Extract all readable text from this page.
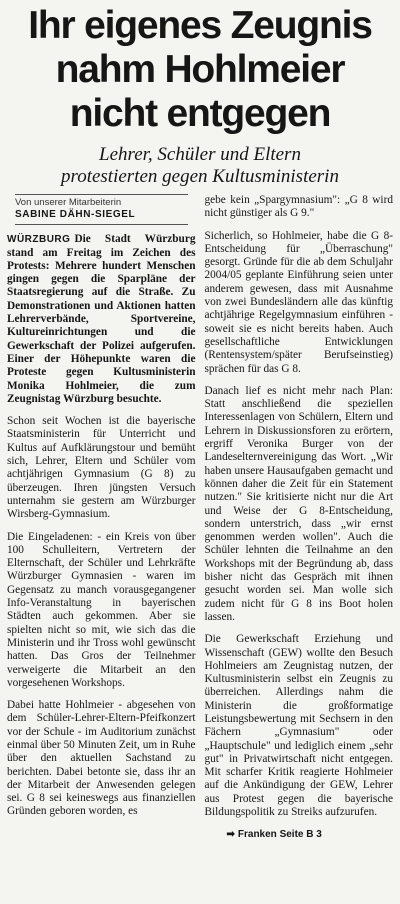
Ihr eigenes Zeugnis
nahm Hohlmeier
nicht entgegen
Lehrer, Schüler und Eltern
protestierten gegen Kultusministerin
Von unserer Mitarbeiterin
SABINE DÄHN-SIEGEL

WÜRZBURG Die Stadt Würzburg stand am Freitag im Zeichen des Protests: Mehrere hundert Menschen gingen gegen die Sparpläne der Staatsregierung auf die Straße. Zu Demonstrationen und Aktionen hatten Lehrerverbände, Sportvereine, Kultureinrichtungen und die Gewerkschaft der Polizei aufgerufen. Einer der Höhepunkte waren die Proteste gegen Kultusministerin Monika Hohlmeier, die zum Zeugnistag Würzburg besuchte.

Schon seit Wochen ist die bayerische Staatsministerin für Unterricht und Kultus auf Aufklärungstour und bemüht sich, Lehrer, Eltern und Schüler vom achtjährigen Gymnasium (G 8) zu überzeugen. Ihren jüngsten Versuch unternahm sie gestern am Würzburger Wirsberg-Gymnasium.

Die Eingeladenen: - ein Kreis von über 100 Schulleitern, Vertretern der Elternschaft, der Schüler und Lehrkräfte Würzburger Gymnasien - waren im Gegensatz zu manch vorausgegangener Info-Veranstaltung in bayerischen Städten auch gekommen. Aber sie spielten nicht so mit, wie sich das die Ministerin und ihr Tross wohl gewünscht hatten. Das Gros der Teilnehmer verweigerte die Mitarbeit an den vorgesehenen Workshops.

Dabei hatte Hohlmeier - abgesehen von dem Schüler-Lehrer-Eltern-Pfeifkonzert vor der Schule - im Auditorium zunächst einmal über 50 Minuten Zeit, um in Ruhe über den aktuellen Sachstand zu berichten. Dabei betonte sie, dass ihr an der Mitarbeit der Anwesenden gelegen sei. G 8 sei keineswegs aus finanziellen Gründen geboren worden, es

gebe kein „Spargymnasium": „G 8 wird nicht günstiger als G 9."

Sicherlich, so Hohlmeier, habe die G 8-Entscheidung für „Überraschung" gesorgt. Gründe für die ab dem Schuljahr 2004/05 geplante Einführung seien unter anderem gewesen, dass mit Ausnahme von zwei Bundesländern alle das künftig achtjährige Regelgymnasium einführen - soweit sie es nicht bereits haben. Auch gesellschaftliche Entwicklungen (Rentensystem/später Berufseinstieg) sprächen für das G 8.

Danach lief es nicht mehr nach Plan: Statt anschließend die speziellen Interessenlagen von Schülern, Eltern und Lehrern in Diskussionsforen zu erörtern, ergriff Veronika Burger von der Landeselternvereinigung das Wort. „Wir haben unsere Hausaufgaben gemacht und können daher die Zeit für ein Statement nutzen." Sie kritisierte nicht nur die Art und Weise der G 8-Entscheidung, sondern unterstrich, dass „wir ernst genommen werden wollen". Auch die Schüler lehnten die Teilnahme an den Workshops mit der Begründung ab, dass bisher nicht das Gespräch mit ihnen gesucht worden sei. Man wolle sich zudem nicht für G 8 ins Boot holen lassen.

Die Gewerkschaft Erziehung und Wissenschaft (GEW) wollte den Besuch Hohlmeiers am Zeugnistag nutzen, der Kultusministerin selbst ein Zeugnis zu überreichen. Allerdings nahm die Ministerin die großformatige Leistungsbewertung mit Sechsern in den Fächern „Gymnasium" oder „Hauptschule" und lediglich einem „sehr gut" in Privatwirtschaft nicht entgegen. Mit scharfer Kritik reagierte Hohlmeier auf die Ankündigung der GEW, Lehrer aus Protest gegen die bayerische Bildungspolitik zu Streiks aufzurufen.

➡ Franken Seite B 3
